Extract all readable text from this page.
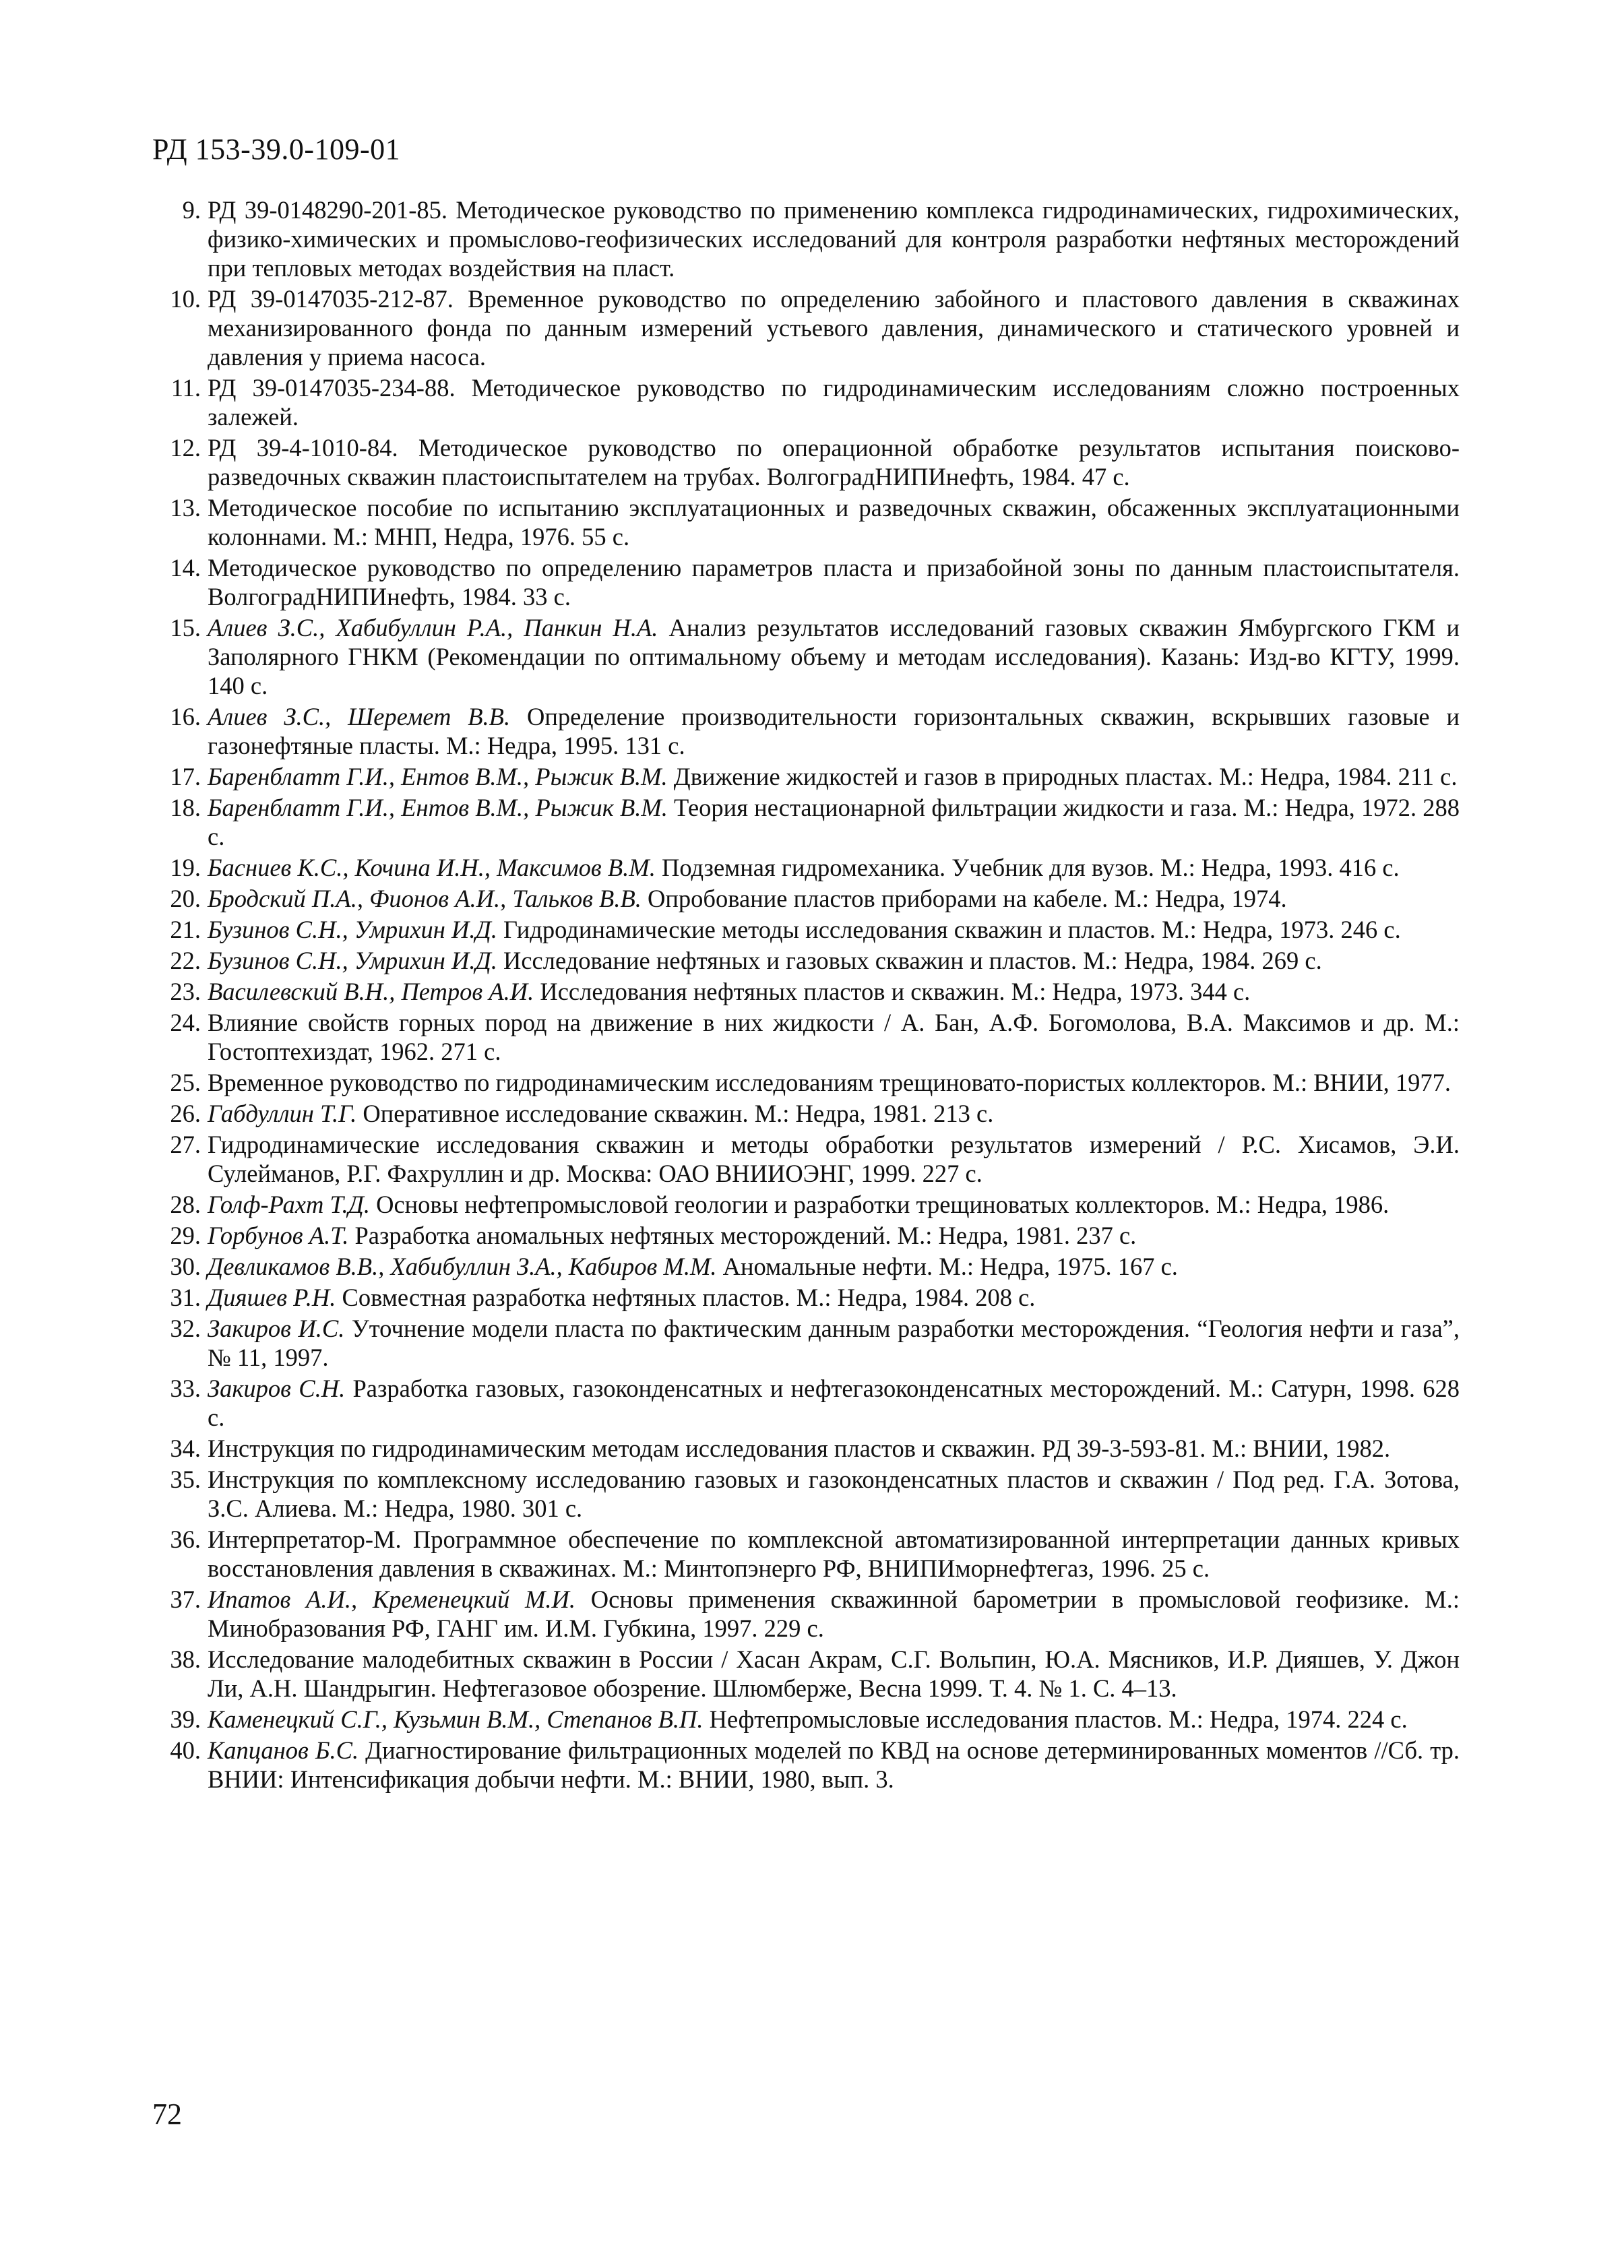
РД 153-39.0-109-01
9. РД 39-0148290-201-85. Методическое руководство по применению комплекса гидродинамических, гидрохимических, физико-химических и промыслово-геофизических исследований для контроля разработки нефтяных месторождений при тепловых методах воздействия на пласт.
10. РД 39-0147035-212-87. Временное руководство по определению забойного и пластового давления в скважинах механизированного фонда по данным измерений устьевого давления, динамического и статического уровней и давления у приема насоса.
11. РД 39-0147035-234-88. Методическое руководство по гидродинамическим исследованиям сложно построенных залежей.
12. РД 39-4-1010-84. Методическое руководство по операционной обработке результатов испытания поисково-разведочных скважин пластоиспытателем на трубах. ВолгоградНИПИнефть, 1984. 47 с.
13. Методическое пособие по испытанию эксплуатационных и разведочных скважин, обсаженных эксплуатационными колоннами. М.: МНП, Недра, 1976. 55 с.
14. Методическое руководство по определению параметров пласта и призабойной зоны по данным пластоиспытателя. ВолгоградНИПИнефть, 1984. 33 с.
15. Алиев З.С., Хабибуллин Р.А., Панкин Н.А. Анализ результатов исследований газовых скважин Ямбургского ГКМ и Заполярного ГНКМ (Рекомендации по оптимальному объему и методам исследования). Казань: Изд-во КГТУ, 1999. 140 с.
16. Алиев З.С., Шеремет В.В. Определение производительности горизонтальных скважин, вскрывших газовые и газонефтяные пласты. М.: Недра, 1995. 131 с.
17. Баренблатт Г.И., Ентов В.М., Рыжик В.М. Движение жидкостей и газов в природных пластах. М.: Недра, 1984. 211 с.
18. Баренблатт Г.И., Ентов В.М., Рыжик В.М. Теория нестационарной фильтрации жидкости и газа. М.: Недра, 1972. 288 с.
19. Басниев К.С., Кочина И.Н., Максимов В.М. Подземная гидромеханика. Учебник для вузов. М.: Недра, 1993. 416 с.
20. Бродский П.А., Фионов А.И., Тальков В.В. Опробование пластов приборами на кабеле. М.: Недра, 1974.
21. Бузинов С.Н., Умрихин И.Д. Гидродинамические методы исследования скважин и пластов. М.: Недра, 1973. 246 с.
22. Бузинов С.Н., Умрихин И.Д. Исследование нефтяных и газовых скважин и пластов. М.: Недра, 1984. 269 с.
23. Василевский В.Н., Петров А.И. Исследования нефтяных пластов и скважин. М.: Недра, 1973. 344 с.
24. Влияние свойств горных пород на движение в них жидкости / А. Бан, А.Ф. Богомолова, В.А. Максимов и др. М.: Гостоптехиздат, 1962. 271 с.
25. Временное руководство по гидродинамическим исследованиям трещиновато-пористых коллекторов. М.: ВНИИ, 1977.
26. Габдуллин Т.Г. Оперативное исследование скважин. М.: Недра, 1981. 213 с.
27. Гидродинамические исследования скважин и методы обработки результатов измерений / Р.С. Хисамов, Э.И. Сулейманов, Р.Г. Фахруллин и др. Москва: ОАО ВНИИОЭНГ, 1999. 227 с.
28. Голф-Рахт Т.Д. Основы нефтепромысловой геологии и разработки трещиноватых коллекторов. М.: Недра, 1986.
29. Горбунов А.Т. Разработка аномальных нефтяных месторождений. М.: Недра, 1981. 237 с.
30. Девликамов В.В., Хабибуллин З.А., Кабиров М.М. Аномальные нефти. М.: Недра, 1975. 167 с.
31. Дияшев Р.Н. Совместная разработка нефтяных пластов. М.: Недра, 1984. 208 с.
32. Закиров И.С. Уточнение модели пласта по фактическим данным разработки месторождения. “Геология нефти и газа”, № 11, 1997.
33. Закиров С.Н. Разработка газовых, газоконденсатных и нефтегазоконденсатных месторождений. М.: Сатурн, 1998. 628 с.
34. Инструкция по гидродинамическим методам исследования пластов и скважин. РД 39-3-593-81. М.: ВНИИ, 1982.
35. Инструкция по комплексному исследованию газовых и газоконденсатных пластов и скважин / Под ред. Г.А. Зотова, З.С. Алиева. М.: Недра, 1980. 301 с.
36. Интерпретатор-М. Программное обеспечение по комплексной автоматизированной интерпретации данных кривых восстановления давления в скважинах. М.: Минтопэнерго РФ, ВНИПИморнефтегаз, 1996. 25 с.
37. Ипатов А.И., Кременецкий М.И. Основы применения скважинной барометрии в промысловой геофизике. М.: Минобразования РФ, ГАНГ им. И.М. Губкина, 1997. 229 с.
38. Исследование малодебитных скважин в России / Хасан Акрам, С.Г. Вольпин, Ю.А. Мясников, И.Р. Дияшев, У. Джон Ли, А.Н. Шандрыгин. Нефтегазовое обозрение. Шлюмберже, Весна 1999. Т. 4. № 1. С. 4–13.
39. Каменецкий С.Г., Кузьмин В.М., Степанов В.П. Нефтепромысловые исследования пластов. М.: Недра, 1974. 224 с.
40. Капцанов Б.С. Диагностирование фильтрационных моделей по КВД на основе детерминированных моментов //Сб. тр. ВНИИ: Интенсификация добычи нефти. М.: ВНИИ, 1980, вып. 3.
72
